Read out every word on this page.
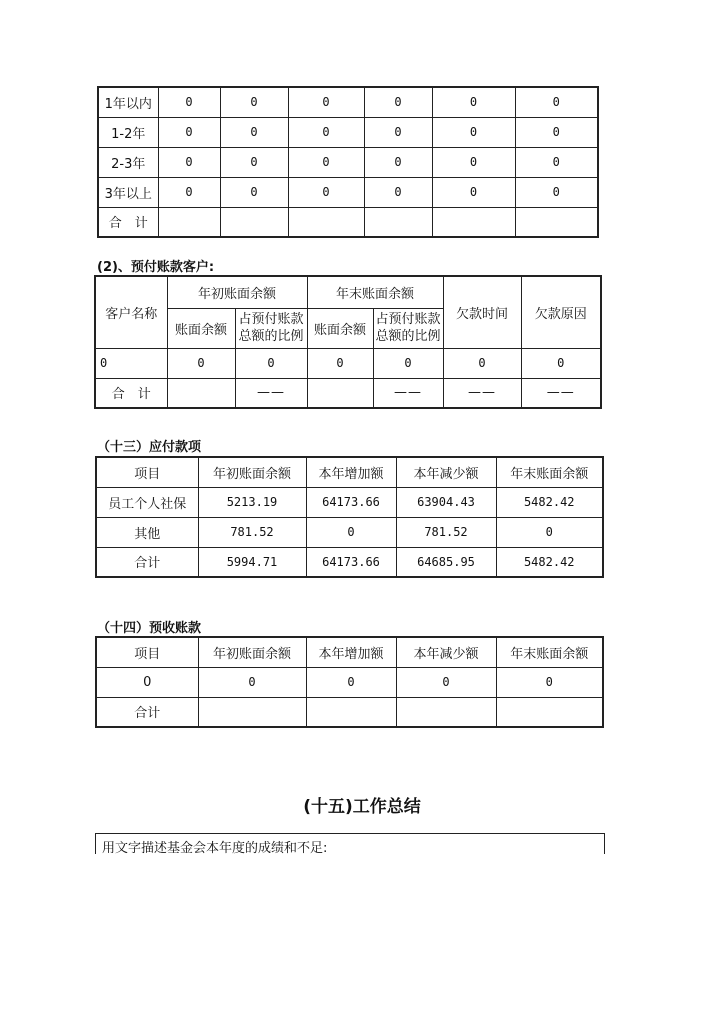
1年以内	0	0	0	0	0	0
1-2年	0	0	0	0	0	0
2-3年	0	0	0	0	0	0
3年以上	0	0	0	0	0	0
合　计						
(2)、预付账款客户:
客户名称	年初账面余额		年末账面余额		欠款时间	欠款原因
	账面余额	占预付账款总额的比例	账面余额	占预付账款总额的比例		
0	0	0	0	0	0	0
合　计		——		——	——	——
（十三）应付款项
项目	年初账面余额	本年增加额	本年减少额	年末账面余额
员工个人社保	5213.19	64173.66	63904.43	5482.42
其他	781.52	0	781.52	0
合计	5994.71	64173.66	64685.95	5482.42
（十四）预收账款
项目	年初账面余额	本年增加额	本年减少额	年末账面余额
0	0	0	0	0
合计				
(十五)工作总结
用文字描述基金会本年度的成绩和不足:
